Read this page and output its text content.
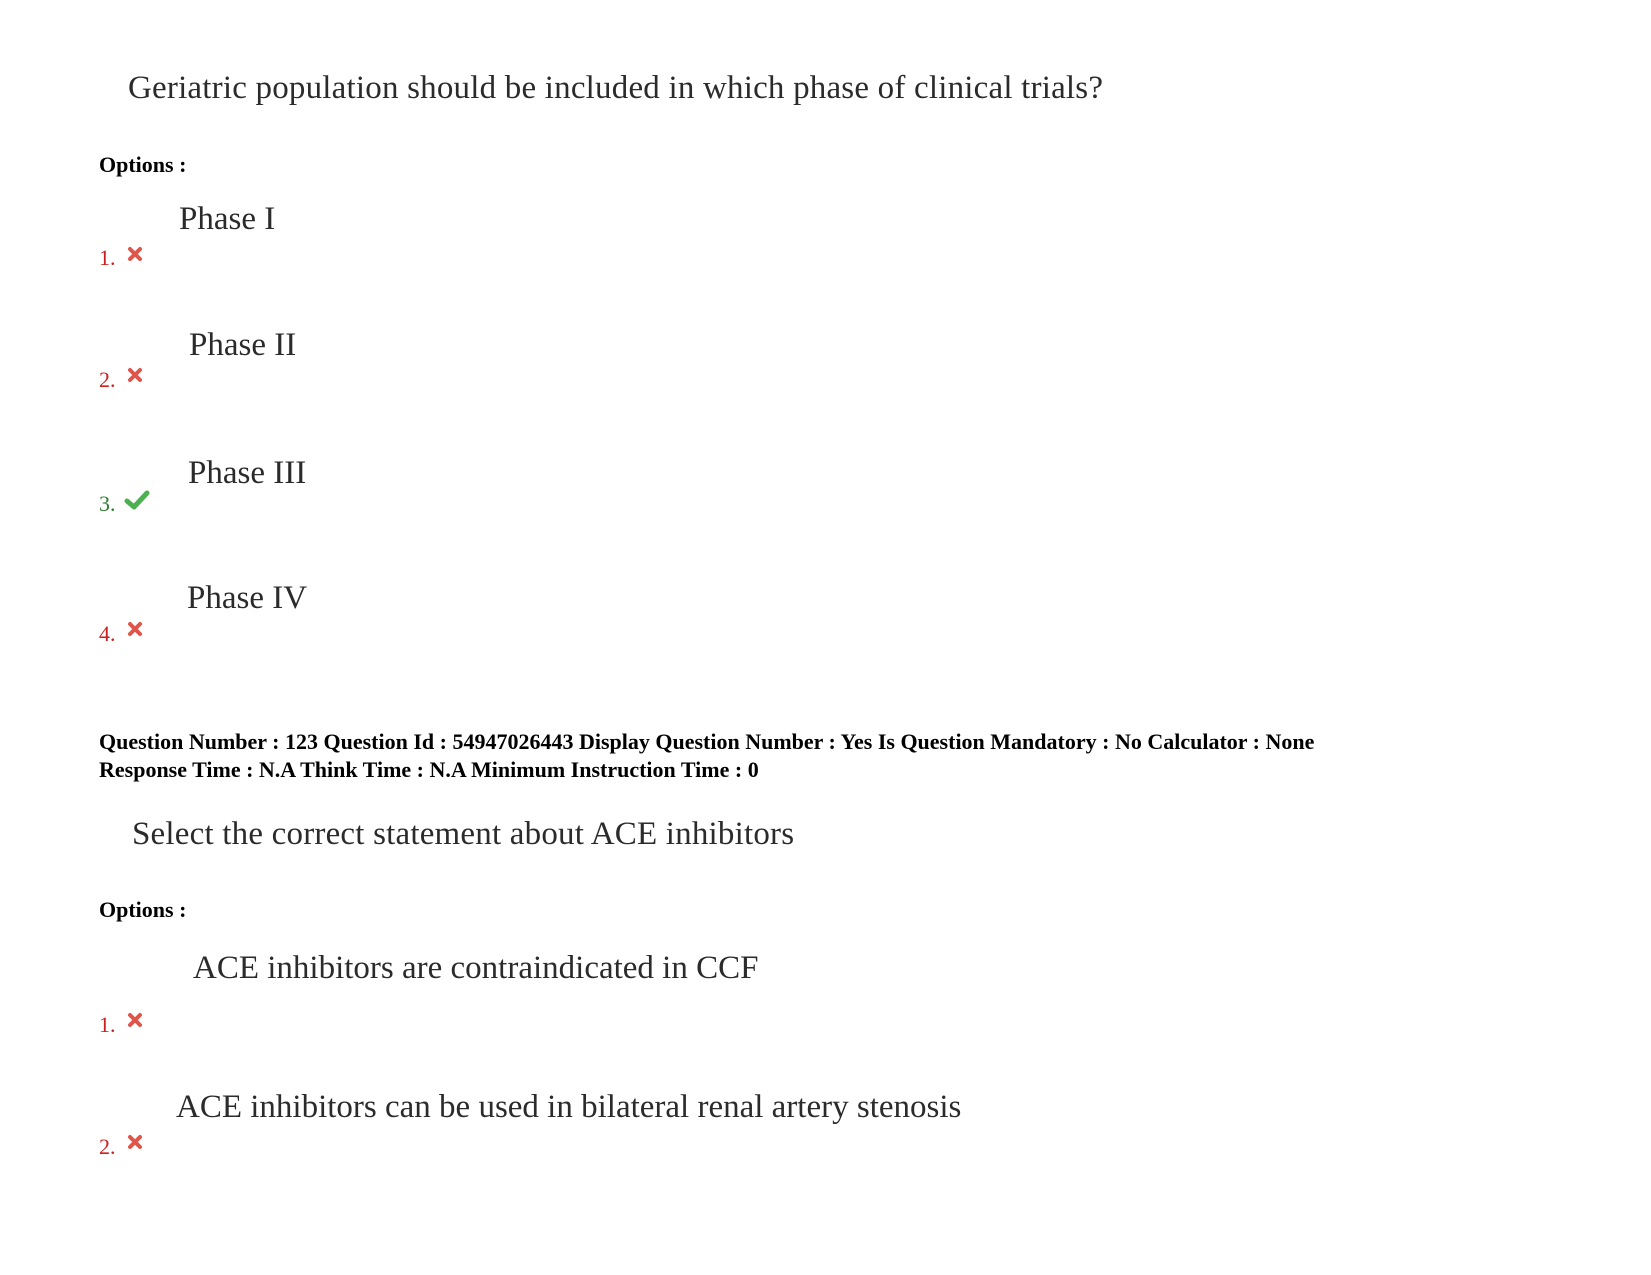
Geriatric population should be included in which phase of clinical trials?
Options :
Phase I
1.
Phase II
2.
Phase III
3.
Phase IV
4.
Question Number : 123 Question Id : 54947026443 Display Question Number : Yes Is Question Mandatory : No Calculator : None
Response Time : N.A Think Time : N.A Minimum Instruction Time : 0
Select the correct statement about ACE inhibitors
Options :
ACE inhibitors are contraindicated in CCF
1.
ACE inhibitors can be used in bilateral renal artery stenosis
2.
